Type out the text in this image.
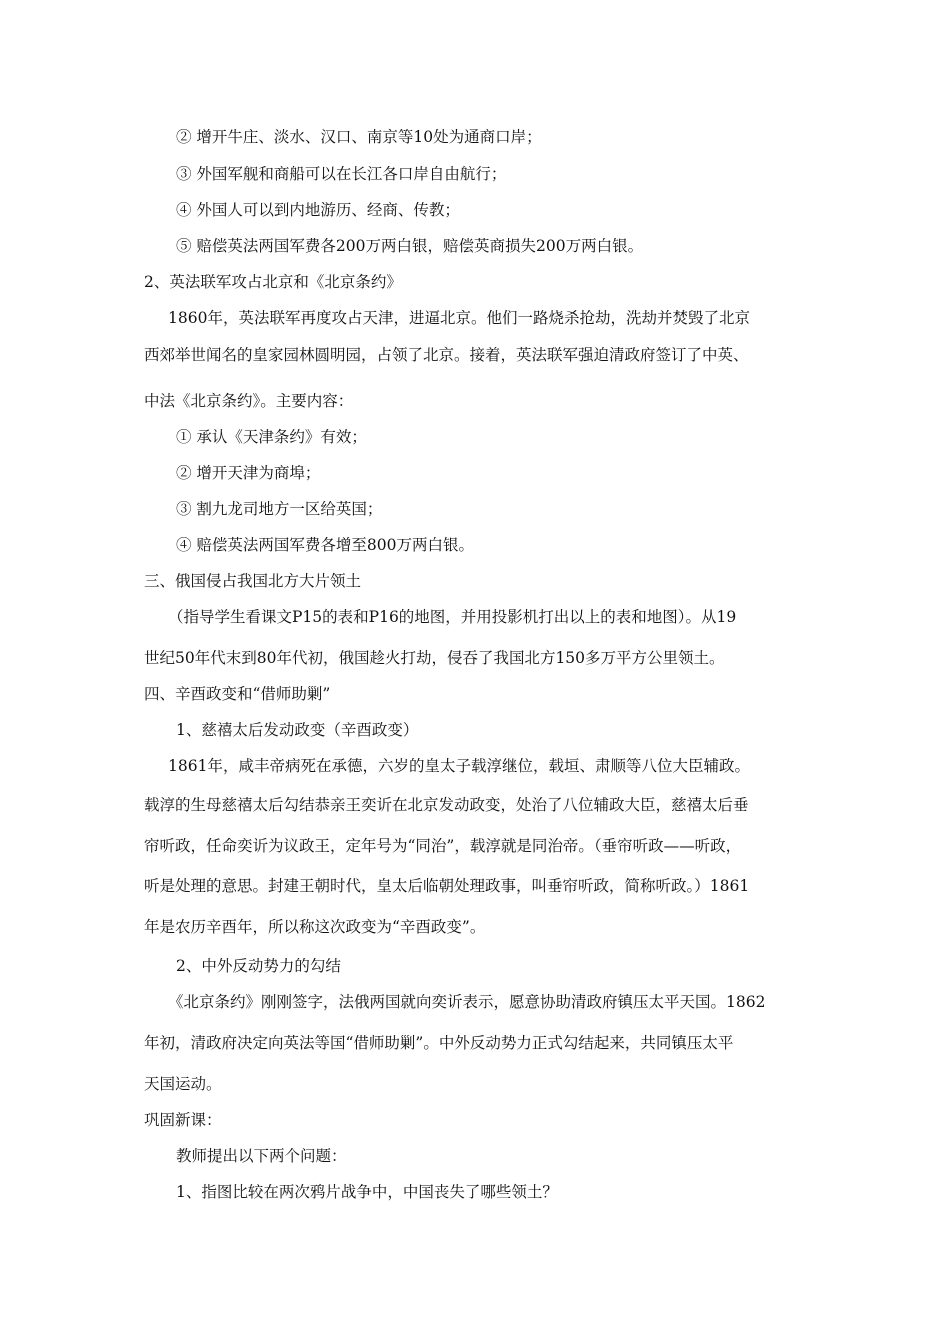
② 增开牛庄、淡水、汉口、南京等10处为通商口岸；
③ 外国军舰和商船可以在长江各口岸自由航行；
④ 外国人可以到内地游历、经商、传教；
⑤ 赔偿英法两国军费各200万两白银，赔偿英商损失200万两白银。
2、英法联军攻占北京和《北京条约》
1860年，英法联军再度攻占天津，进逼北京。他们一路烧杀抢劫，洗劫并焚毁了北京
西郊举世闻名的皇家园林圆明园，占领了北京。接着，英法联军强迫清政府签订了中英、
中法《北京条约》。主要内容：
① 承认《天津条约》有效；
② 增开天津为商埠；
③ 割九龙司地方一区给英国；
④ 赔偿英法两国军费各增至800万两白银。
三、俄国侵占我国北方大片领土
（指导学生看课文P15的表和P16的地图，并用投影机打出以上的表和地图）。从19
世纪50年代末到80年代初，俄国趁火打劫，侵吞了我国北方150多万平方公里领土。
四、辛酉政变和“借师助剿”
1、慈禧太后发动政变（辛酉政变）
1861年，咸丰帝病死在承德，六岁的皇太子载淳继位，载垣、肃顺等八位大臣辅政。
载淳的生母慈禧太后勾结恭亲王奕䜣在北京发动政变，处治了八位辅政大臣，慈禧太后垂
帘听政，任命奕䜣为议政王，定年号为“同治”，载淳就是同治帝。（垂帘听政——听政，
听是处理的意思。封建王朝时代，皇太后临朝处理政事，叫垂帘听政，简称听政。）1861
年是农历辛酉年，所以称这次政变为“辛酉政变”。
2、中外反动势力的勾结
《北京条约》刚刚签字，法俄两国就向奕䜣表示，愿意协助清政府镇压太平天国。1862
年初，清政府决定向英法等国“借师助剿”。中外反动势力正式勾结起来，共同镇压太平
天国运动。
巩固新课：
教师提出以下两个问题：
1、指图比较在两次鸦片战争中，中国丧失了哪些领土？
